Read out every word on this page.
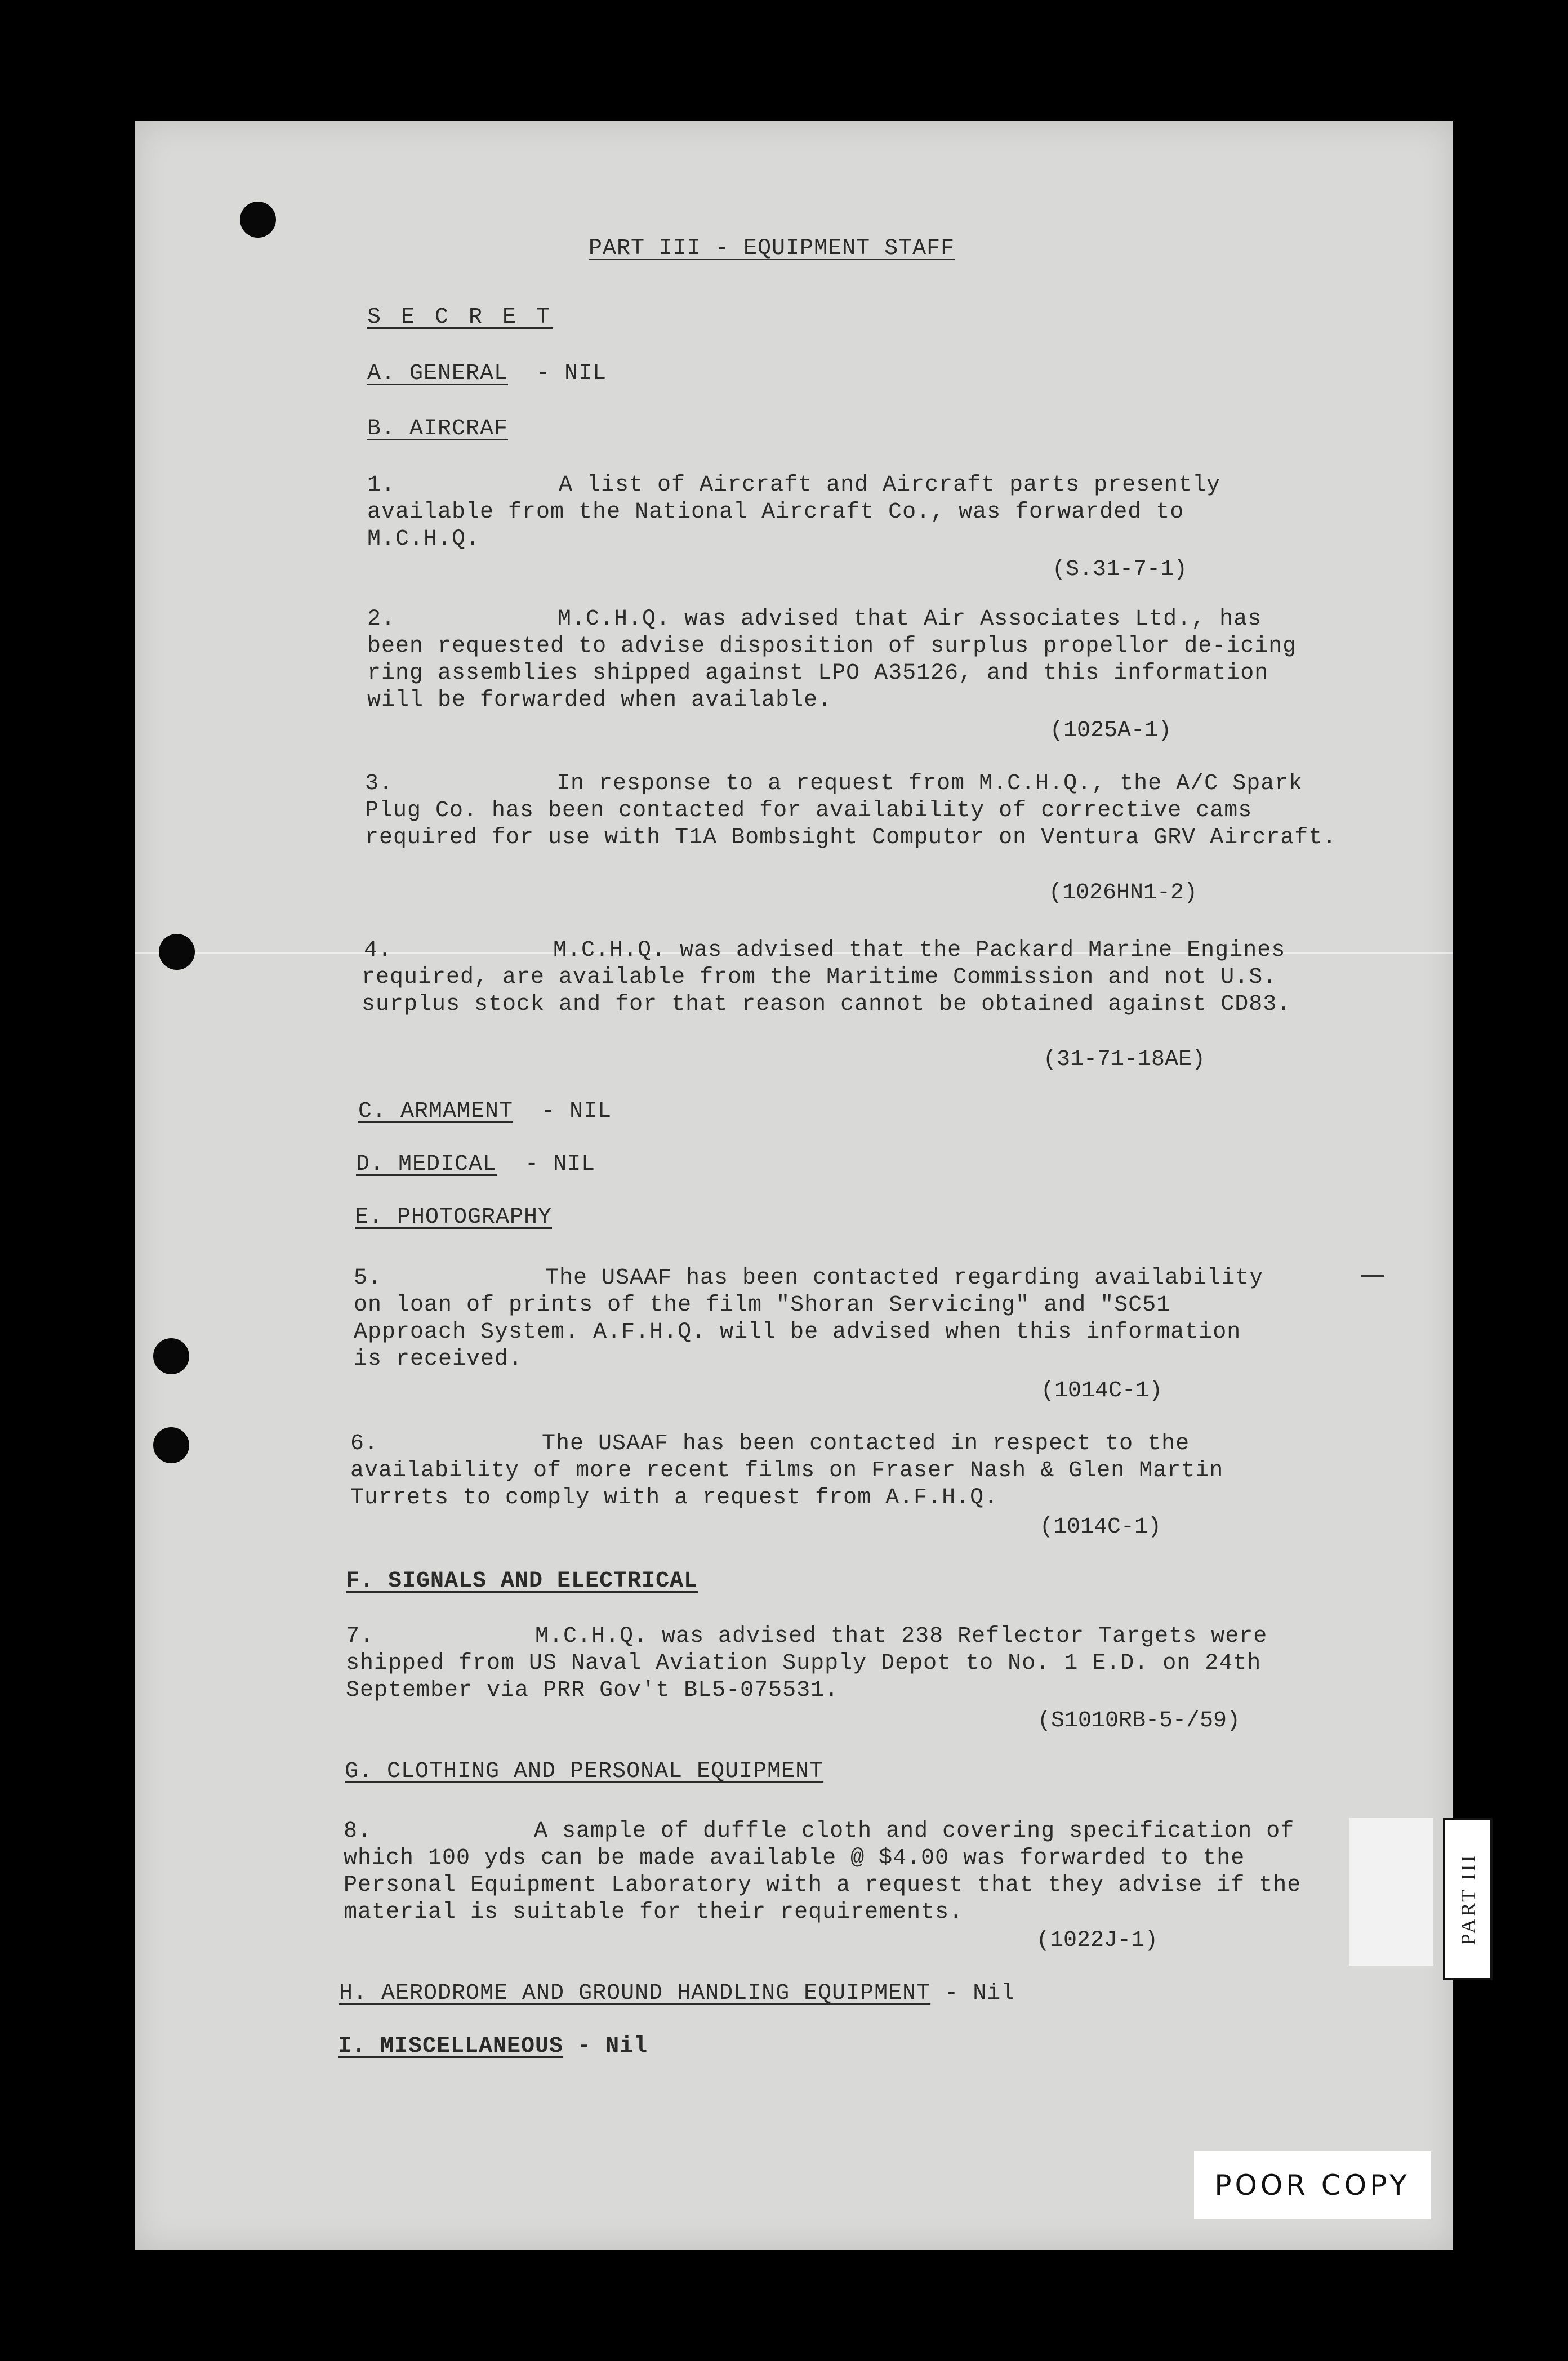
PART III - EQUIPMENT STAFF
S E C R E T
A. GENERAL - NIL
B. AIRCRAF
1.	A list of Aircraft and Aircraft parts presently
available from the National Aircraft Co., was forwarded to
M.C.H.Q.
(S.31-7-1)
2.	M.C.H.Q. was advised that Air Associates Ltd., has
been requested to advise disposition of surplus propellor de-icing
ring assemblies shipped against LPO A35126, and this information
will be forwarded when available.
(1025A-1)
3.	In response to a request from M.C.H.Q., the A/C Spark
Plug Co. has been contacted for availability of corrective cams
required for use with T1A Bombsight Computor on Ventura GRV Aircraft.
(1026HN1-2)
4.	M.C.H.Q. was advised that the Packard Marine Engines
required, are available from the Maritime Commission and not U.S.
surplus stock and for that reason cannot be obtained against CD83.
(31-71-18AE)
C. ARMAMENT - NIL
D. MEDICAL - NIL
E. PHOTOGRAPHY
5.	The USAAF has been contacted regarding availability
on loan of prints of the film "Shoran Servicing" and "SC51
Approach System. A.F.H.Q. will be advised when this information
is received.
(1014C-1)
6.	The USAAF has been contacted in respect to the
availability of more recent films on Fraser Nash & Glen Martin
Turrets to comply with a request from A.F.H.Q.
(1014C-1)
F. SIGNALS AND ELECTRICAL
7.	M.C.H.Q. was advised that 238 Reflector Targets were
shipped from US Naval Aviation Supply Depot to No. 1 E.D. on 24th
September via PRR Gov't BL5-075531.
(S1010RB-5-/59)
G. CLOTHING AND PERSONAL EQUIPMENT
8.	A sample of duffle cloth and covering specification of
which 100 yds can be made available @ $4.00 was forwarded to the
Personal Equipment Laboratory with a request that they advise if the
material is suitable for their requirements.
(1022J-1)
H. AERODROME AND GROUND HANDLING EQUIPMENT - Nil
I. MISCELLANEOUS - Nil
PART III
POOR COPY
